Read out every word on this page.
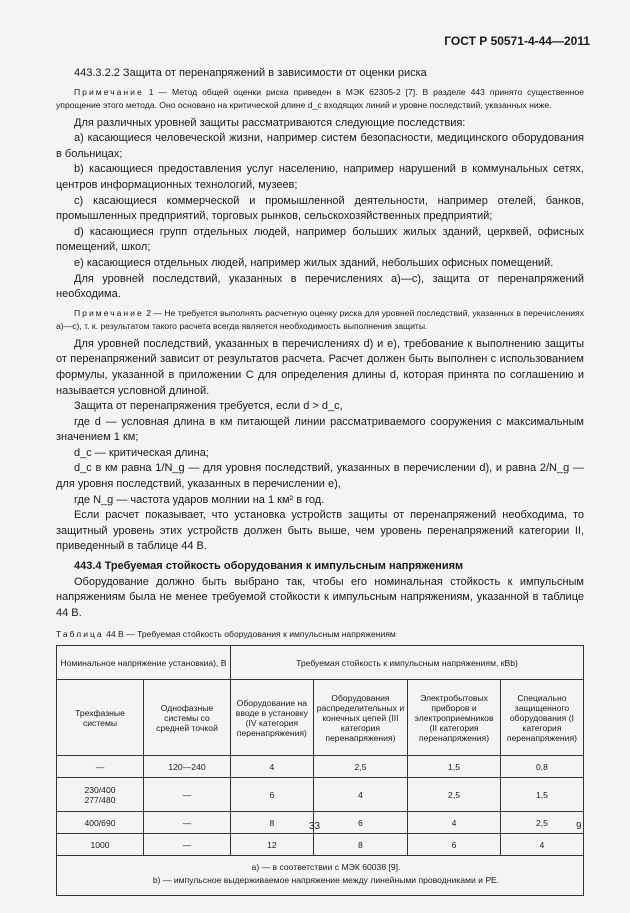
ГОСТ Р 50571-4-44—2011

443.3.2.2 Защита от перенапряжений в зависимости от оценки риска

Примечание 1 — Метод общей оценки риска приведен в МЭК 62305-2 [7]. В разделе 443 принято существенное упрощение этого метода. Оно основано на критической длине d_c входящих линий и уровне последствий, указанных ниже.

Для различных уровней защиты рассматриваются следующие последствия:

а) касающиеся человеческой жизни, например систем безопасности, медицинского оборудования в больницах;

b) касающиеся предоставления услуг населению, например нарушений в коммунальных сетях, центров информационных технологий, музеев;

c) касающиеся коммерческой и промышленной деятельности, например отелей, банков, промышленных предприятий, торговых рынков, сельскохозяйственных предприятий;

d) касающиеся групп отдельных людей, например больших жилых зданий, церквей, офисных помещений, школ;

e) касающиеся отдельных людей, например жилых зданий, небольших офисных помещений.

Для уровней последствий, указанных в перечислениях a)—c), защита от перенапряжений необходима.

Примечание 2 — Не требуется выполнять расчетную оценку риска для уровней последствий, указанных в перечислениях a)—c), т. к. результатом такого расчета всегда является необходимость выполнения защиты.

Для уровней последствий, указанных в перечислениях d) и e), требование к выполнению защиты от перенапряжений зависит от результатов расчета. Расчет должен быть выполнен с использованием формулы, указанной в приложении С для определения длины d, которая принята по соглашению и называется условной длиной.

Защита от перенапряжения требуется, если d > d_c,

где d — условная длина в км питающей линии рассматриваемого сооружения с максимальным значением 1 км;

d_c — критическая длина;

d_c в км равна 1/N_g — для уровня последствий, указанных в перечислении d), и равна 2/N_g — для уровня последствий, указанных в перечислении e),

где N_g — частота ударов молнии на 1 км² в год.

Если расчет показывает, что установка устройств защиты от перенапряжений необходима, то защитный уровень этих устройств должен быть выше, чем уровень перенапряжений категории II, приведенный в таблице 44 В.

443.4 Требуемая стойкость оборудования к импульсным напряжениям

Оборудование должно быть выбрано так, чтобы его номинальная стойкость к импульсным напряжениям была не менее требуемой стойкости к импульсным напряжениям, указанной в таблице 44 В.

Таблица 44 В — Требуемая стойкость оборудования к импульсным напряжениям
Номинальное напряжение установкиа), В		Требуемая стойкость к импульсным напряжениям, кВb)			
Трехфазные системы	Однофазные системы со средней точкой	Оборудование на вводе в установку (IV категория перенапряжения)	Оборудования распределительных и конечных цепей (III категория перенапряжения)	Электробытовых приборов и электроприемников (II категория перенапряжения)	Специально защищенного оборудования (I категория перенапряжения)
—	120—240	4	2,5	1,5	0,8
230/400
277/480	—	6	4	2,5	1,5
400/690	—	8	6	4	2,5
1000	—	12	8	6	4

а) — в соответствии с МЭК 60038 [9].
b) — импульсное выдерживаемое напряжение между линейными проводниками и РЕ.					
33	9
